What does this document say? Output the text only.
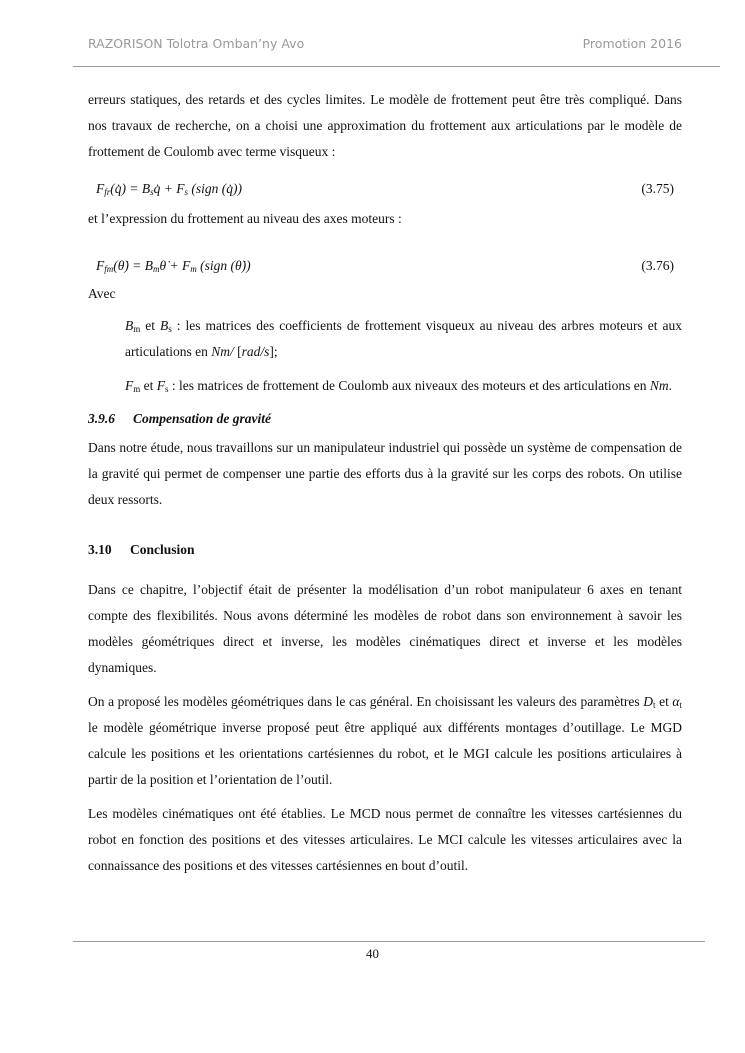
RAZORISON Tolotra Omban’ny Avo	Promotion 2016

erreurs statiques, des retards et des cycles limites. Le modèle de frottement peut être très compliqué. Dans nos travaux de recherche, on a choisi une approximation du frottement aux articulations par le modèle de frottement de Coulomb avec terme visqueux :

$F_{fr}(q̇)$ = $B_sq̇ + F_s$ (sign (q̇))	(3.75)

et l’expression du frottement au niveau des axes moteurs :

$F_{fm}(\thetȧ)$ = $B_m\thetȧ + F_m$ (sign (θ̇))	(3.76)

Avec

$B_m$ et $B_s$ : les matrices des coefficients de frottement visqueux au niveau des arbres moteurs et aux articulations en Nm/ [rad/s];

$F_m$ et $F_s$ : les matrices de frottement de Coulomb aux niveaux des moteurs et des articulations en Nm.

3.9.6 Compensation de gravité

Dans notre étude, nous travaillons sur un manipulateur industriel qui possède un système de compensation de la gravité qui permet de compenser une partie des efforts dus à la gravité sur les corps des robots. On utilise deux ressorts.

3.10 Conclusion

Dans ce chapitre, l’objectif était de présenter la modélisation d’un robot manipulateur 6 axes en tenant compte des flexibilités. Nous avons déterminé les modèles de robot dans son environnement à savoir les modèles géométriques direct et inverse, les modèles cinématiques direct et inverse et les modèles dynamiques.

On a proposé les modèles géométriques dans le cas général. En choisissant les valeurs des paramètres $D_t$ et $\alpha_t$ le modèle géométrique inverse proposé peut être appliqué aux différents montages d’outillage. Le MGD calcule les positions et les orientations cartésiennes du robot, et le MGI calcule les positions articulaires à partir de la position et l’orientation de l’outil.

Les modèles cinématiques ont été établies. Le MCD nous permet de connaître les vitesses cartésiennes du robot en fonction des positions et des vitesses articulaires. Le MCI calcule les vitesses articulaires avec la connaissance des positions et des vitesses cartésiennes en bout d’outil.

40
